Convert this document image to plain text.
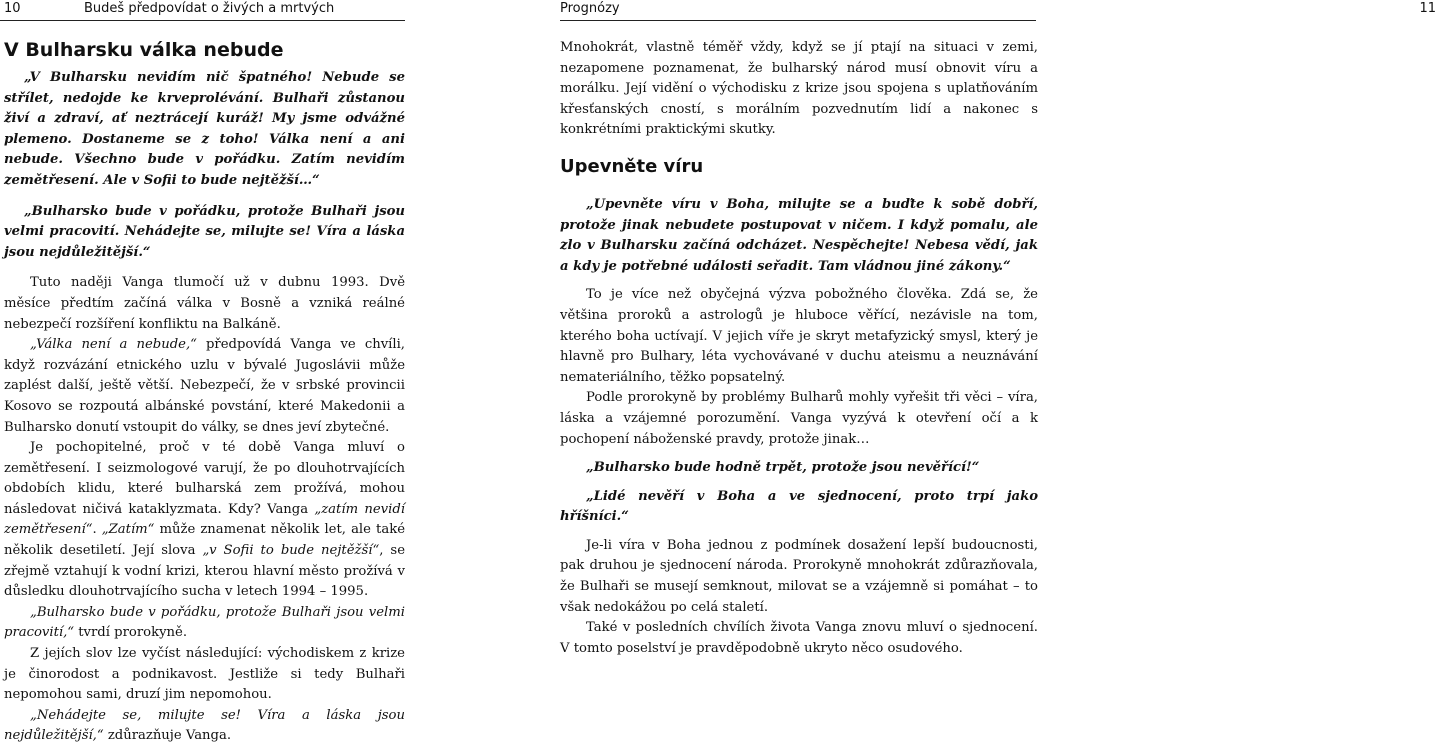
10	Budeš předpovídat o živých a mrtvých
V Bulharsku válka nebude

„V Bulharsku nevidím nič špatného! Nebude se střílet, nedojde ke krveprolévání. Bulhaři zůstanou živí a zdraví, ať neztrácejí kuráž! My jsme odvážné plemeno. Dostaneme se z toho! Válka není a ani nebude. Všechno bude v pořádku. Zatím nevidím zemětřesení. Ale v Sofii to bude nejtěžší…“

„Bulharsko bude v pořádku, protože Bulhaři jsou velmi pracovití. Nehádejte se, milujte se! Víra a láska jsou nejdůležitější.“

Tuto naději Vanga tlumočí už v dubnu 1993. Dvě měsíce předtím začíná válka v Bosně a vzniká reálné nebezpečí rozšíření konfliktu na Balkáně.

„Válka není a nebude,“ předpovídá Vanga ve chvíli, když rozvázání etnického uzlu v bývalé Jugoslávii může zaplést další, ještě větší. Nebezpečí, že v srbské provincii Kosovo se rozpoutá albánské povstání, které Makedonii a Bulharsko donutí vstoupit do války, se dnes jeví zbytečné.

Je pochopitelné, proč v té době Vanga mluví o zemětřesení. I seizmologové varují, že po dlouhotrvajících obdobích klidu, které bulharská zem prožívá, mohou následovat ničivá kataklyzmata. Kdy? Vanga „zatím nevidí zemětřesení“. „Zatím“ může znamenat několik let, ale také několik desetiletí. Její slova „v Sofii to bude nejtěžší“, se zřejmě vztahují k vodní krizi, kterou hlavní město prožívá v důsledku dlouhotrvajícího sucha v letech 1994 – 1995.

„Bulharsko bude v pořádku, protože Bulhaři jsou velmi pracovití,“ tvrdí prorokyně.

Z jejích slov lze vyčíst následující: východiskem z krize je činorodost a podnikavost. Jestliže si tedy Bulhaři nepomohou sami, druzí jim nepomohou.

„Nehádejte se, milujte se! Víra a láska jsou nejdůležitější,“ zdůrazňuje Vanga.

Prognózy	11

Mnohokrát, vlastně téměř vždy, když se jí ptají na situaci v zemi, nezapomene poznamenat, že bulharský národ musí obnovit víru a morálku. Její vidění o východisku z krize jsou spojena s uplatňováním křesťanských cností, s morálním pozvednutím lidí a nakonec s konkrétními praktickými skutky.

Upevněte víru

„Upevněte víru v Boha, milujte se a buďte k sobě dobří, protože jinak nebudete postupovat v ničem. I když pomalu, ale zlo v Bulharsku začíná odcházet. Nespěchejte! Nebesa vědí, jak a kdy je potřebné události seřadit. Tam vládnou jiné zákony.“

To je více než obyčejná výzva pobožného člověka. Zdá se, že většina proroků a astrologů je hluboce věřící, nezávisle na tom, kterého boha uctívají. V jejich víře je skryt metafyzický smysl, který je hlavně pro Bulhary, léta vychovávané v duchu ateismu a neuznávání nemateriálního, těžko popsatelný.

Podle prorokyně by problémy Bulharů mohly vyřešit tři věci – víra, láska a vzájemné porozumění. Vanga vyzývá k otevření očí a k pochopení náboženské pravdy, protože jinak…

„Bulharsko bude hodně trpět, protože jsou nevěřící!“

„Lidé nevěří v Boha a ve sjednocení, proto trpí jako hříšníci.“

Je-li víra v Boha jednou z podmínek dosažení lepší budoucnosti, pak druhou je sjednocení národa. Prorokyně mnohokrát zdůrazňovala, že Bulhaři se musejí semknout, milovat se a vzájemně si pomáhat – to však nedokážou po celá staletí.

Také v posledních chvílích života Vanga znovu mluví o sjednocení. V tomto poselství je pravděpodobně ukryto něco osudového.
